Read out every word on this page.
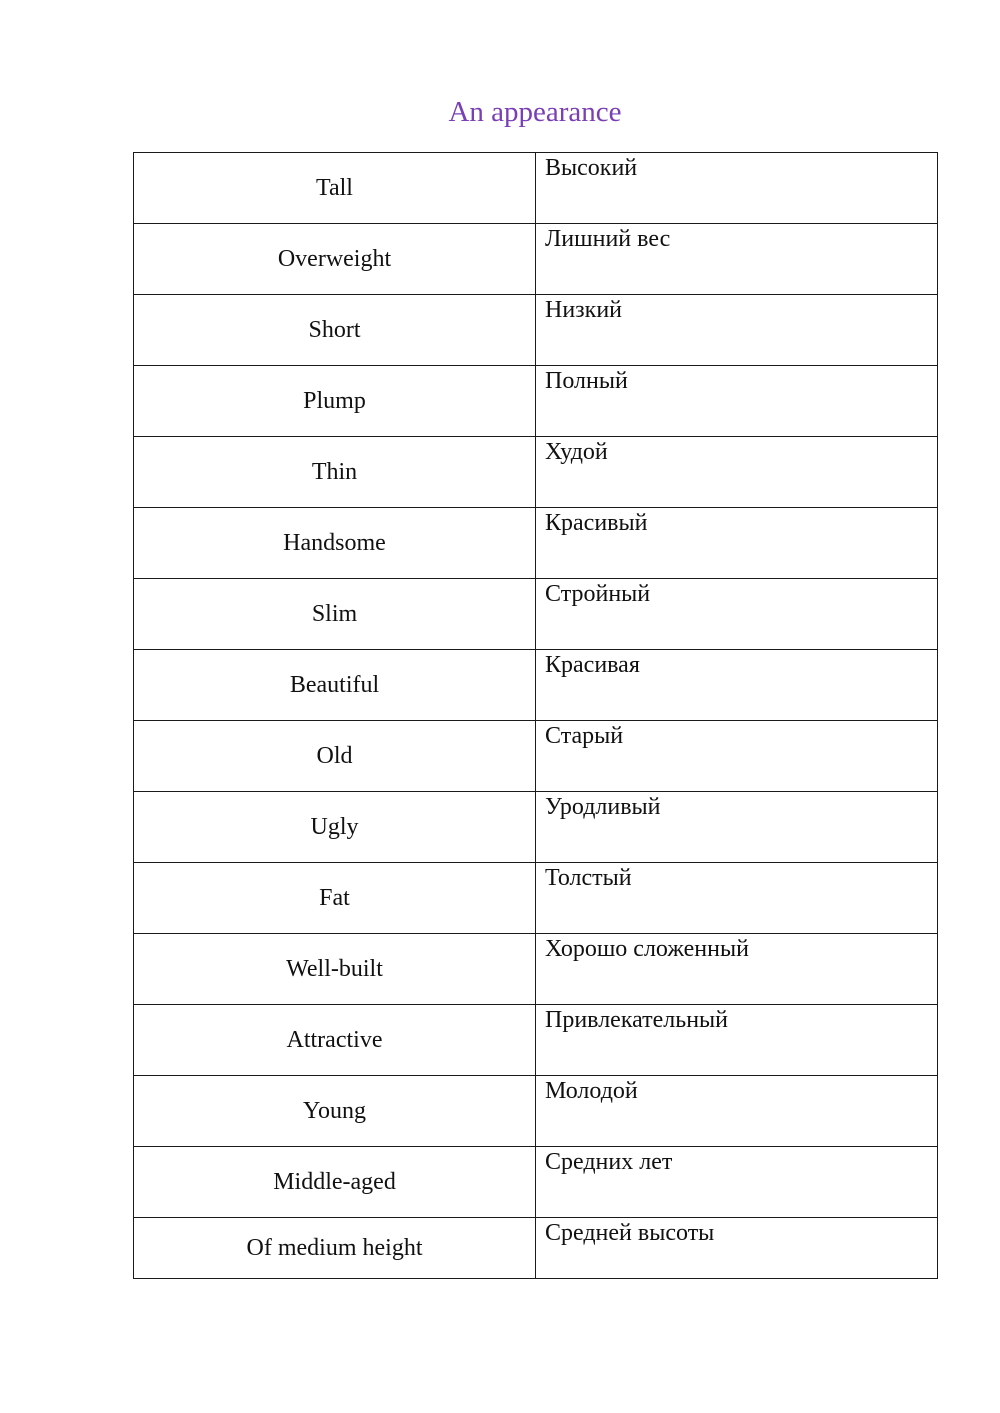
An appearance
Tall	Высокий
Overweight	Лишний вес
Short	Низкий
Plump	Полный
Thin	Худой
Handsome	Красивый
Slim	Стройный
Beautiful	Красивая
Old	Старый
Ugly	Уродливый
Fat	Толстый
Well-built	Хорошо сложенный
Attractive	Привлекательный
Young	Молодой
Middle-aged	Средних лет
Of medium height	Средней высоты
